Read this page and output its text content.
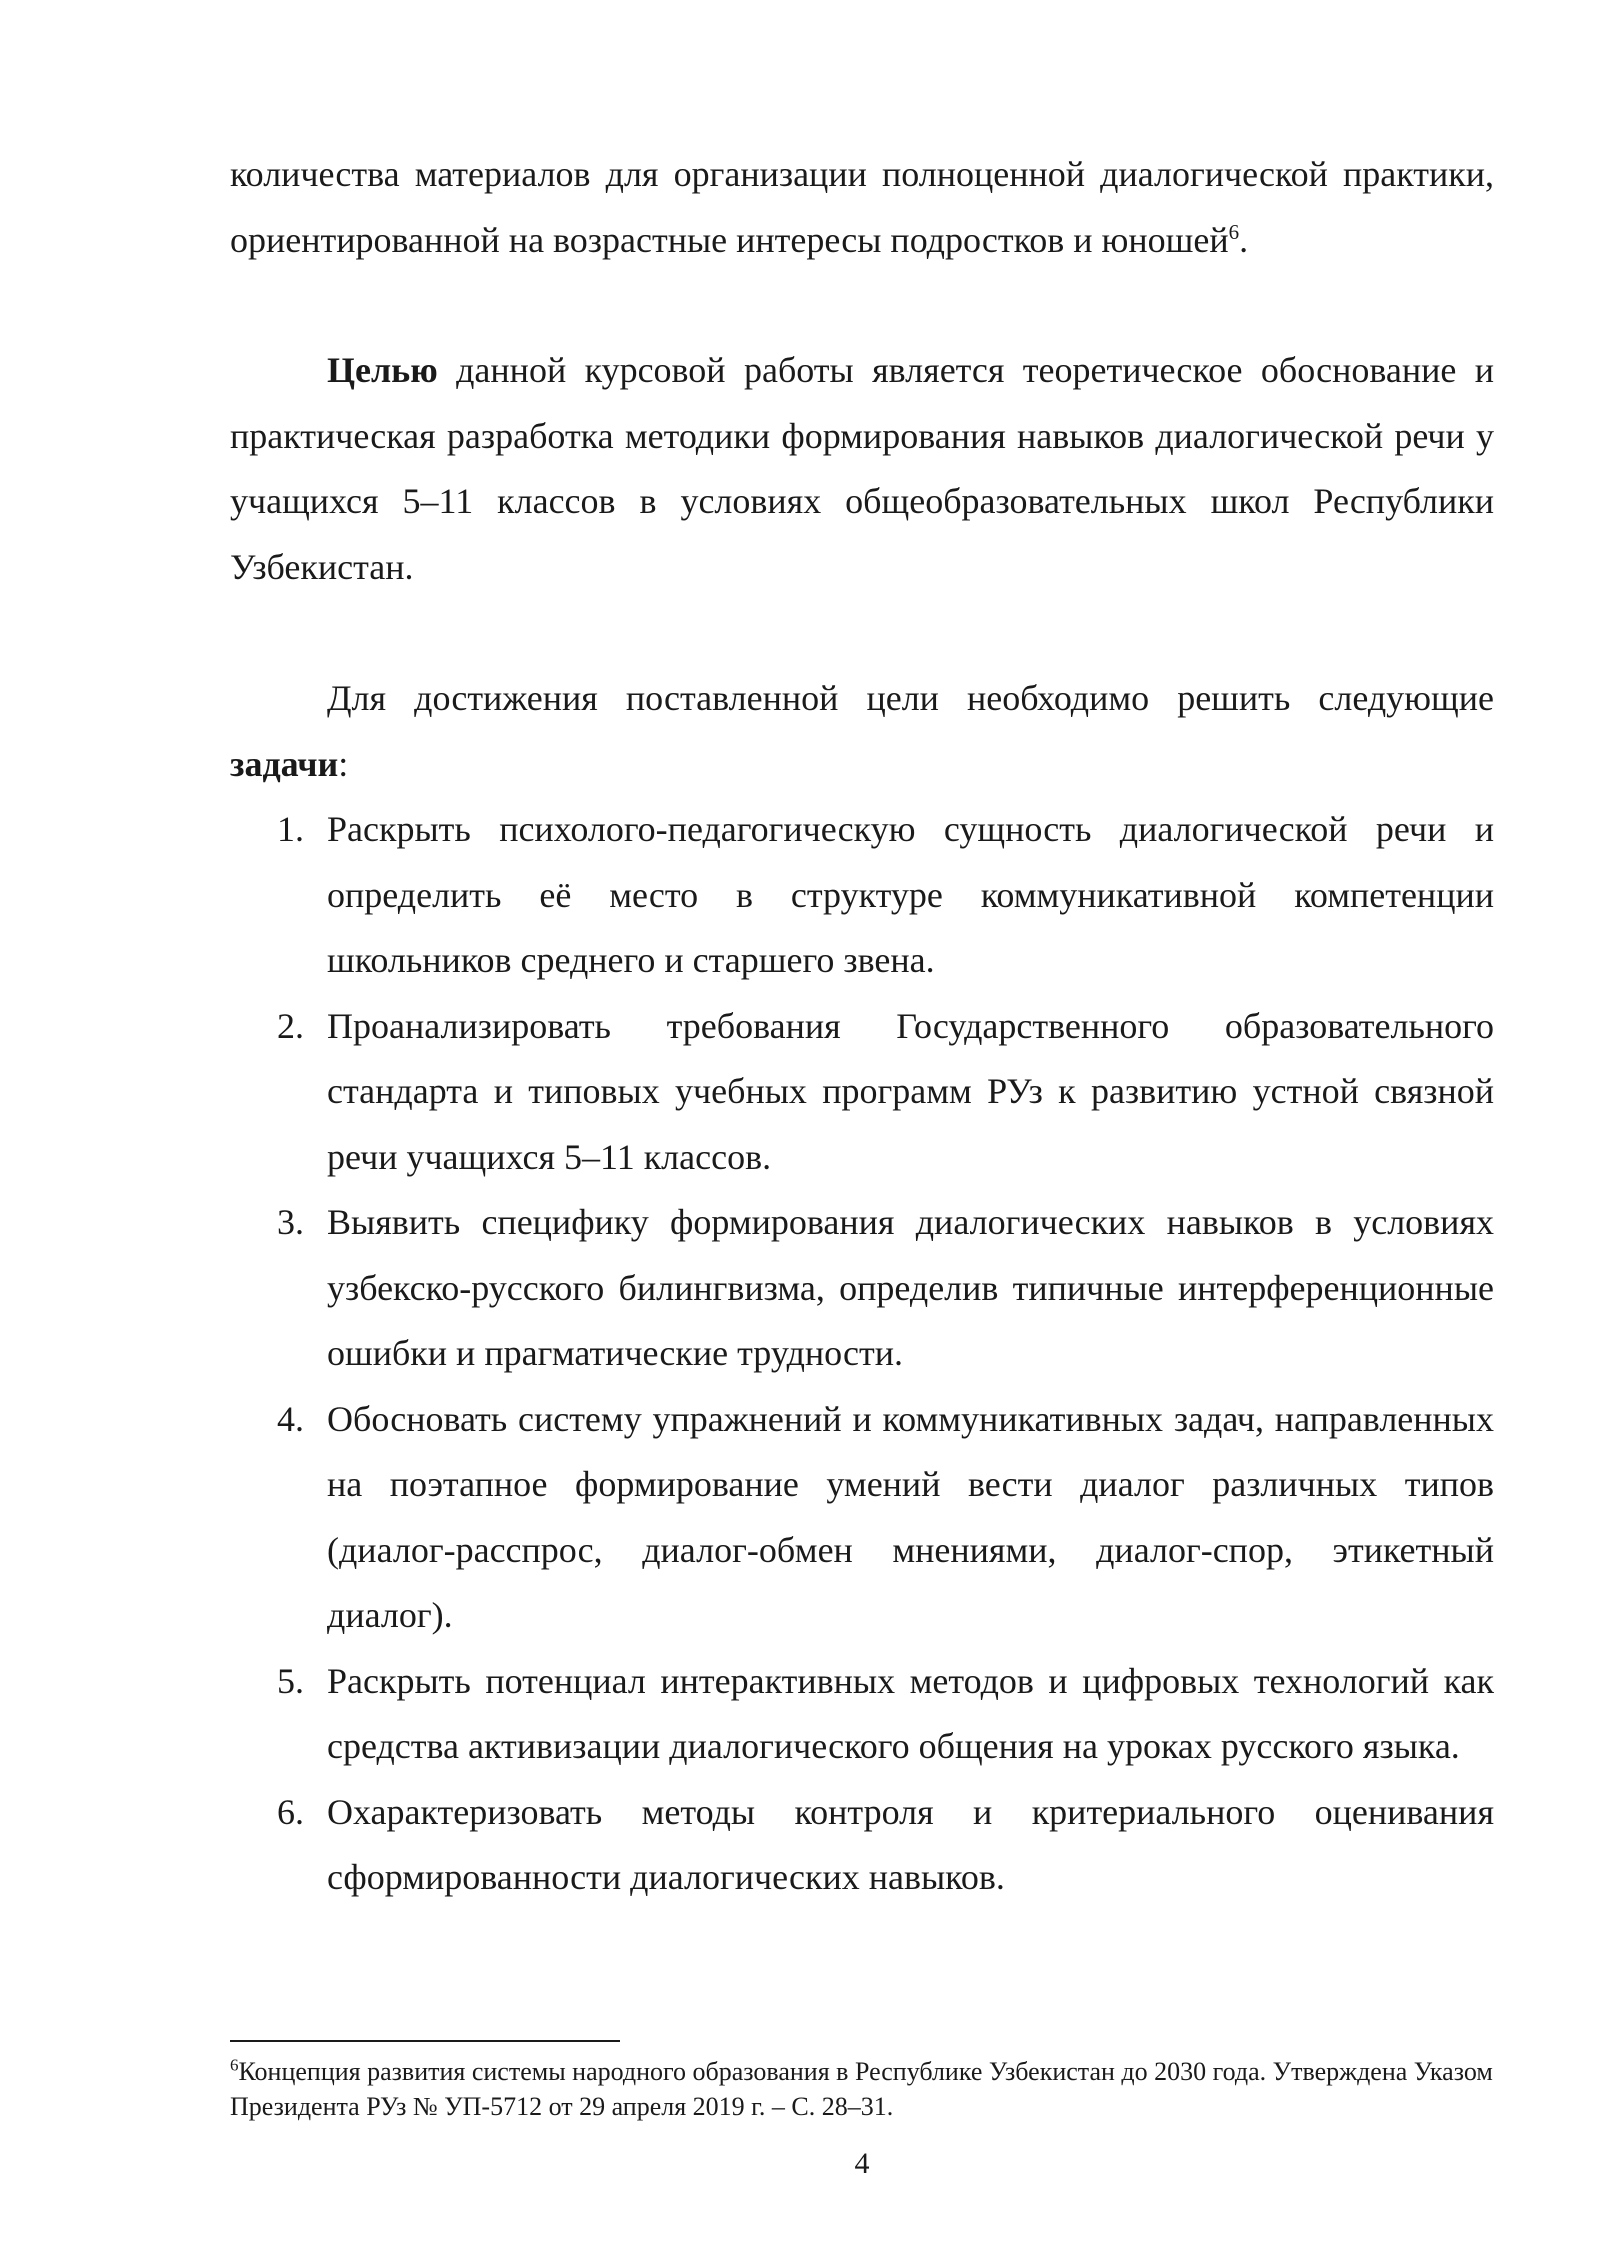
количества материалов для организации полноценной диалогической практики, ориентированной на возрастные интересы подростков и юношей$^6$.

Целью данной курсовой работы является теоретическое обоснование и практическая разработка методики формирования навыков диалогической речи у учащихся 5–11 классов в условиях общеобразовательных школ Республики Узбекистан.

Для достижения поставленной цели необходимо решить следующие задачи:

1. Раскрыть психолого-педагогическую сущность диалогической речи и определить её место в структуре коммуникативной компетенции школьников среднего и старшего звена.
2. Проанализировать требования Государственного образовательного стандарта и типовых учебных программ РУз к развитию устной связной речи учащихся 5–11 классов.
3. Выявить специфику формирования диалогических навыков в условиях узбекско-русского билингвизма, определив типичные интерференционные ошибки и прагматические трудности.
4. Обосновать систему упражнений и коммуникативных задач, направленных на поэтапное формирование умений вести диалог различных типов (диалог-расспрос, диалог-обмен мнениями, диалог-спор, этикетный диалог).
5. Раскрыть потенциал интерактивных методов и цифровых технологий как средства активизации диалогического общения на уроках русского языка.
6. Охарактеризовать методы контроля и критериального оценивания сформированности диалогических навыков.

$^6$Концепция развития системы народного образования в Республике Узбекистан до 2030 года. Утверждена Указом Президента РУз № УП-5712 от 29 апреля 2019 г. – С. 28–31.

4
